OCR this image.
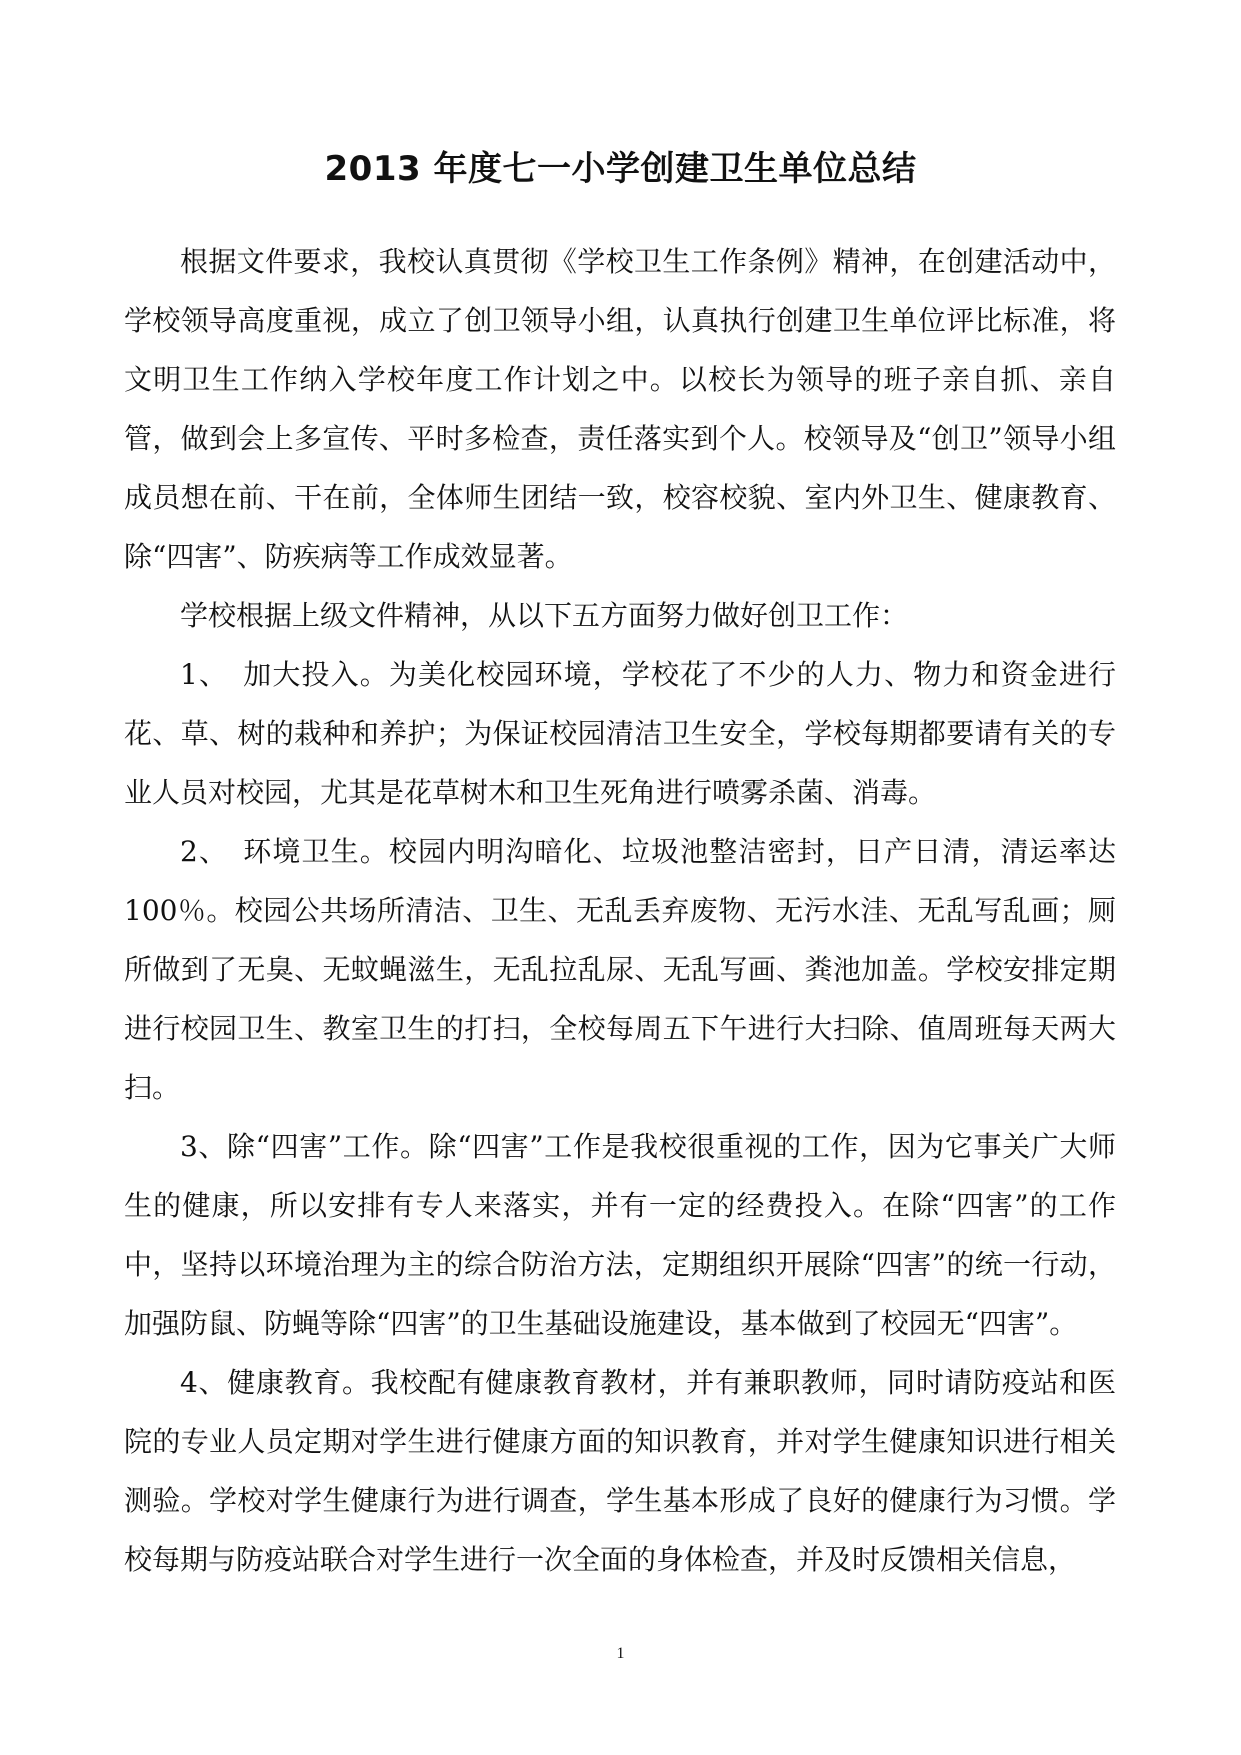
2013 年度七一小学创建卫生单位总结

根据文件要求，我校认真贯彻《学校卫生工作条例》精神，在创建活动中，学校领导高度重视，成立了创卫领导小组，认真执行创建卫生单位评比标准，将文明卫生工作纳入学校年度工作计划之中。以校长为领导的班子亲自抓、亲自管，做到会上多宣传、平时多检查，责任落实到个人。校领导及“创卫”领导小组成员想在前、干在前，全体师生团结一致，校容校貌、室内外卫生、健康教育、除“四害”、防疾病等工作成效显著。

学校根据上级文件精神，从以下五方面努力做好创卫工作：

1、　加大投入。为美化校园环境，学校花了不少的人力、物力和资金进行花、草、树的栽种和养护；为保证校园清洁卫生安全，学校每期都要请有关的专业人员对校园，尤其是花草树木和卫生死角进行喷雾杀菌、消毒。

2、　环境卫生。校园内明沟暗化、垃圾池整洁密封，日产日清，清运率达 100％。校园公共场所清洁、卫生、无乱丢弃废物、无污水洼、无乱写乱画；厕所做到了无臭、无蚊蝇滋生，无乱拉乱尿、无乱写画、粪池加盖。学校安排定期进行校园卫生、教室卫生的打扫，全校每周五下午进行大扫除、值周班每天两大扫。

3、除“四害”工作。除“四害”工作是我校很重视的工作，因为它事关广大师生的健康，所以安排有专人来落实，并有一定的经费投入。在除“四害”的工作中，坚持以环境治理为主的综合防治方法，定期组织开展除“四害”的统一行动，加强防鼠、防蝇等除“四害”的卫生基础设施建设，基本做到了校园无“四害”。

4、健康教育。我校配有健康教育教材，并有兼职教师，同时请防疫站和医院的专业人员定期对学生进行健康方面的知识教育，并对学生健康知识进行相关测验。学校对学生健康行为进行调查，学生基本形成了良好的健康行为习惯。学校每期与防疫站联合对学生进行一次全面的身体检查，并及时反馈相关信息，

1
